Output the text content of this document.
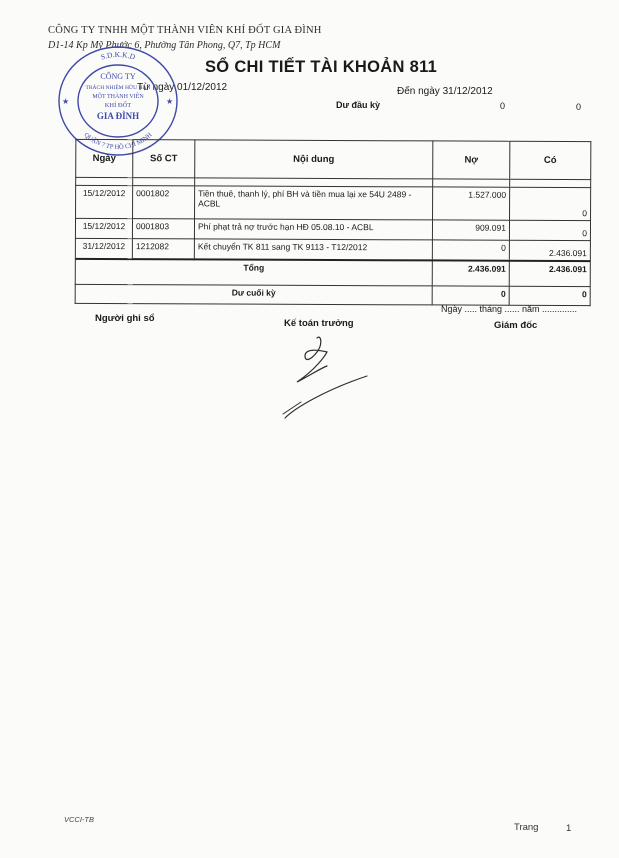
CÔNG TY TNHH MỘT THÀNH VIÊN KHÍ ĐỐT GIA ĐÌNH
D1-14 Kp Mỹ Phước 6, Phường Tân Phong, Q7, Tp HCM
SỔ CHI TIẾT TÀI KHOẢN 811
Từ ngày 01/12/2012	Đến ngày 31/12/2012
Dư đầu kỳ	0	0
S.D.K.K.D
QUẬN 7 TP HỒ CHÍ MINH
CÔNG TY
TRÁCH NHIỆM HỮU HẠN
MỘT THÀNH VIÊN
KHÍ ĐỐT
GIA ĐÌNH
★	★
Ngày	Số CT	Nội dung	Nợ	Có

15/12/2012	0001802	Tiền thuê, thanh lý, phí BH và tiền mua lại xe 54U 2489 - ACBL	1.527.000	0
15/12/2012	0001803	Phí phạt trả nợ trước hạn HĐ 05.08.10 - ACBL	909.091	0
31/12/2012	1212082	Kết chuyển TK 811 sang TK 9113 - T12/2012	0	2.436.091
Tổng			2.436.091	2.436.091
Dư cuối kỳ			0	0
Ngày ..... tháng ...... năm ..............
Người ghi sổ	Kế toán trưởng	Giám đốc
VCCI-TB
Trang	1
